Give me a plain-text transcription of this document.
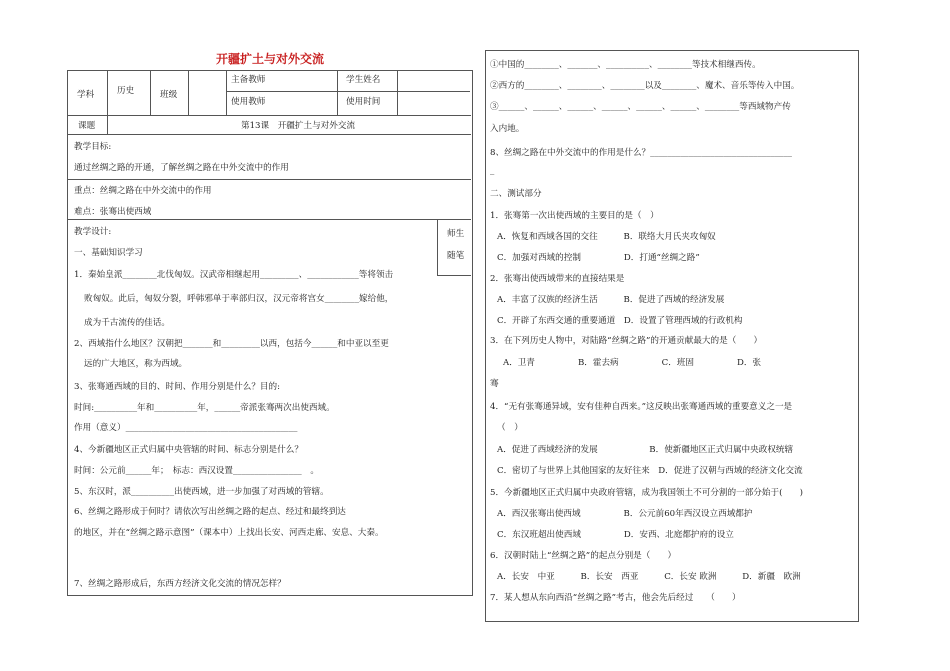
开疆扩土与对外交流
学科	历史	班级
主备教师	学生姓名
使用教师	使用时间
课题	第13课　开疆扩土与对外交流
教学目标:
通过丝绸之路的开通，了解丝绸之路在中外交流中的作用
重点：丝绸之路在中外交流中的作用
难点：张骞出使西域
教学设计:	师生
随笔
一、基础知识学习
1．秦始皇派________北伐匈奴。汉武帝相继起用_________、____________等将领击
败匈奴。此后，匈奴分裂，呼韩邪单于率部归汉，汉元帝将宫女________嫁给他，
成为千古流传的佳话。
2、西域指什么地区？汉朝把_______和_________以西，包括今______和中亚以至更
远的广大地区，称为西域。
3、张骞通西域的目的、时间、作用分别是什么？目的:
时间:__________年和__________年，______帝派张骞两次出使西域。
作用（意义）________________________________________
4、今新疆地区正式归属中央管辖的时间、标志分别是什么？
时间：公元前______年；　标志：西汉设置________________　。
5、东汉时，派__________出使西域，进一步加强了对西域的管辖。
6、丝绸之路形成于何时？请依次写出丝绸之路的起点、经过和最终到达
的地区，并在“丝绸之路示意图”（课本中）上找出长安、河西走廊、安息、大秦。
7、丝绸之路形成后，东西方经济文化交流的情况怎样？
①中国的________、_______、__________、________等技术相继西传。
②西方的________、________、________以及________、魔术、音乐等传入中国。
③______、______、______、______、______、______、________等西域物产传
入内地。
8、丝绸之路在中外交流中的作用是什么？_________________________________
_
二、测试部分
1．张骞第一次出使西域的主要目的是（　）
A．恢复和西域各国的交往　　　B．联络大月氏夹攻匈奴
C．加强对西域的控制　　　　　D．打通“丝绸之路”
2．张骞出使西域带来的直接结果是
A．丰富了汉族的经济生活　　　B．促进了西域的经济发展
C．开辟了东西交通的重要通道　D．设置了管理西域的行政机构
3．在下列历史人物中，对陆路“丝绸之路”的开通贡献最大的是（　　）
A．卫青　　　　　B．霍去病　　　　　C．班固　　　　　D．张
骞
4．“无有张骞通异域，安有佳种自西来。”这反映出张骞通西域的重要意义之一是
（　）
A．促进了西域经济的发展　　　　　　B．使新疆地区正式归属中央政权统辖
C．密切了与世界上其他国家的友好往来　D．促进了汉朝与西域的经济文化交流
5．今新疆地区正式归属中央政府管辖，成为我国领土不可分割的一部分始于(　　)
A．西汉张骞出使西域　　　　　B．公元前60年西汉设立西域都护
C．东汉班超出使西域　　　　　D．安西、北庭都护府的设立
6．汉朝时陆上“丝绸之路”的起点分别是（　　）
A．长安　中亚　　　B．长安　西亚　　　C．长安 欧洲　　　D．新疆　欧洲
7．某人想从东向西沿“丝绸之路”考古，他会先后经过　　（　　）
